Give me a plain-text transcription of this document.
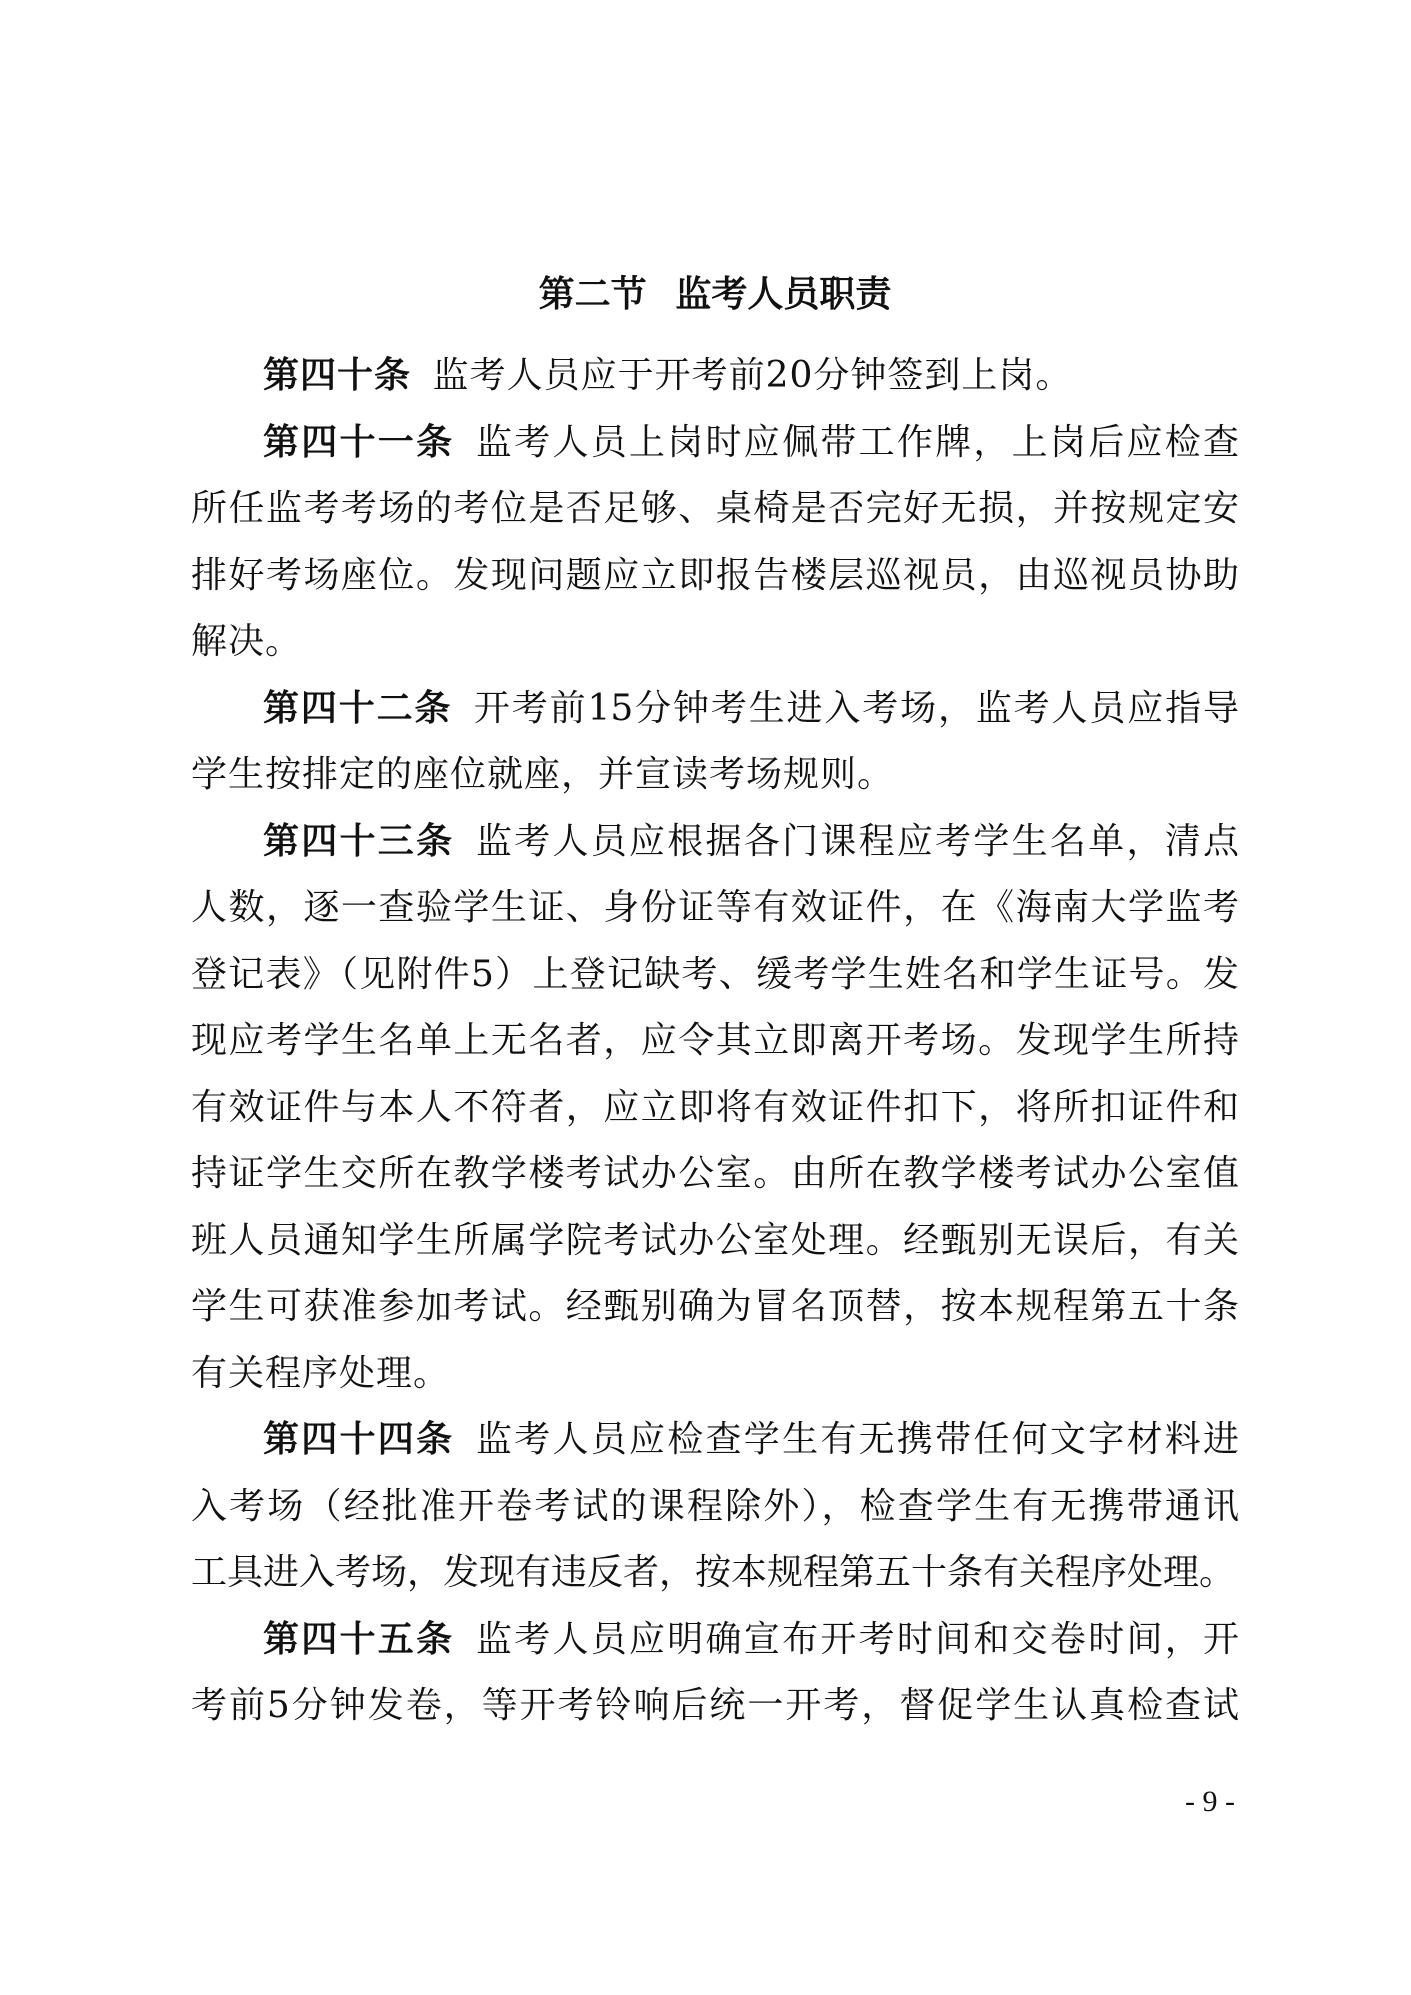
第二节 监考人员职责
第四十条 监考人员应于开考前20分钟签到上岗。
第四十一条 监考人员上岗时应佩带工作牌，上岗后应检查
所任监考考场的考位是否足够、桌椅是否完好无损，并按规定安
排好考场座位。发现问题应立即报告楼层巡视员，由巡视员协助
解决。
第四十二条 开考前15分钟考生进入考场，监考人员应指导
学生按排定的座位就座，并宣读考场规则。
第四十三条 监考人员应根据各门课程应考学生名单，清点
人数，逐一查验学生证、身份证等有效证件，在《海南大学监考
登记表》（见附件5）上登记缺考、缓考学生姓名和学生证号。发
现应考学生名单上无名者，应令其立即离开考场。发现学生所持
有效证件与本人不符者，应立即将有效证件扣下，将所扣证件和
持证学生交所在教学楼考试办公室。由所在教学楼考试办公室值
班人员通知学生所属学院考试办公室处理。经甄别无误后，有关
学生可获准参加考试。经甄别确为冒名顶替，按本规程第五十条
有关程序处理。
第四十四条 监考人员应检查学生有无携带任何文字材料进
入考场（经批准开卷考试的课程除外），检查学生有无携带通讯
工具进入考场，发现有违反者，按本规程第五十条有关程序处理。
第四十五条 监考人员应明确宣布开考时间和交卷时间，开
考前5分钟发卷，等开考铃响后统一开考，督促学生认真检查试
- 9 -
